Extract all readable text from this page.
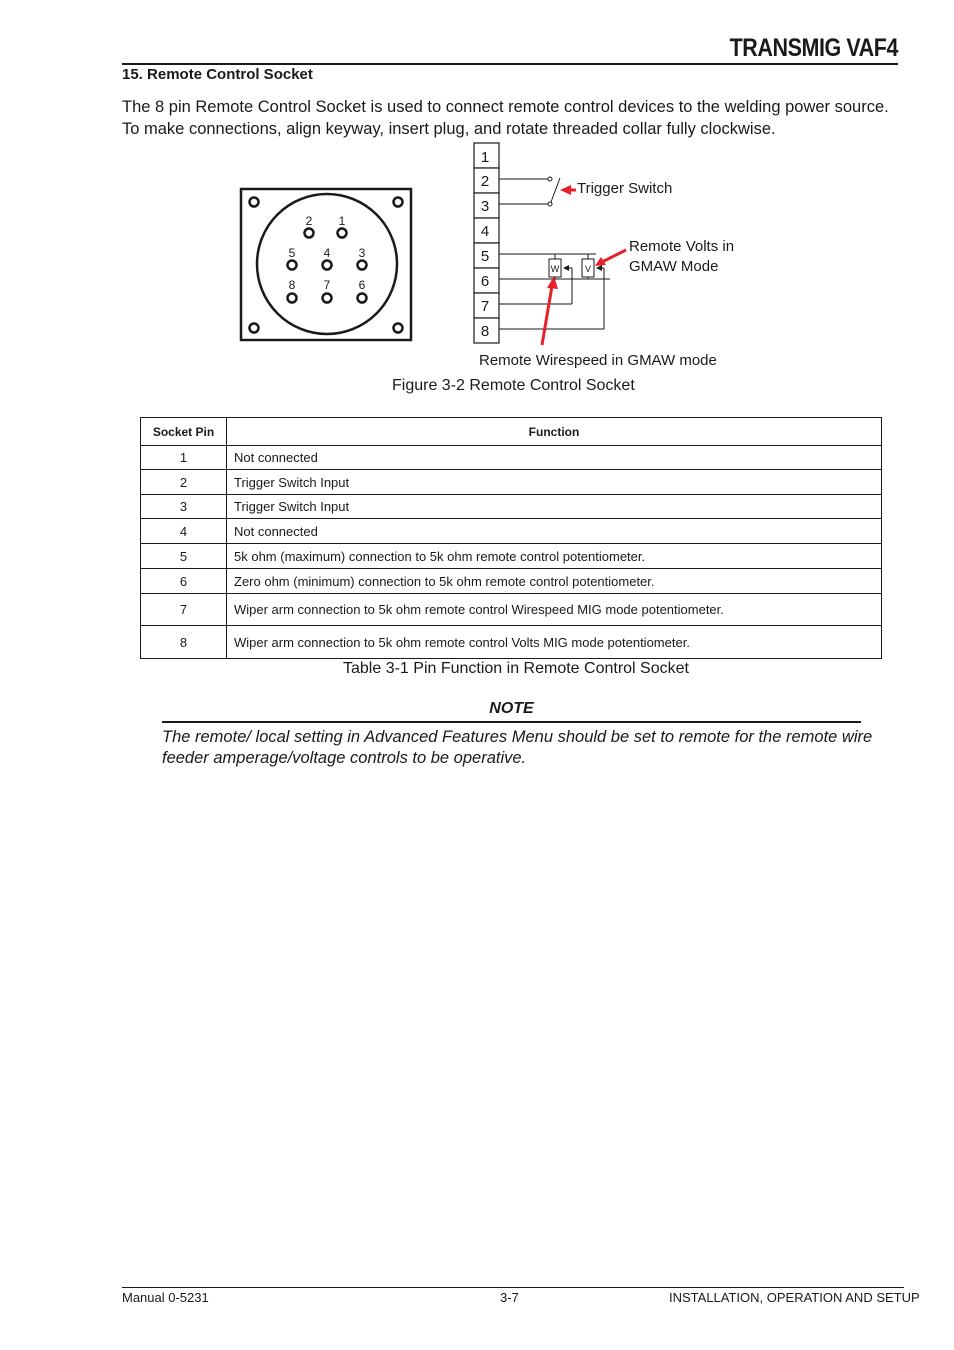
TRANSMIG VAF4
15. Remote Control Socket
The 8 pin Remote Control Socket is used to connect remote control devices to the welding power source. To make connections, align keyway, insert plug, and rotate threaded collar fully clockwise.
2 1
5 4 3
8 7 6
1
2
3
4
5
6
7
8
W	V
Trigger Switch
Remote Volts in
GMAW Mode
Remote Wirespeed in GMAW mode
Figure 3-2 Remote Control Socket
Socket Pin	Function
1	Not connected
2	Trigger Switch Input
3	Trigger Switch Input
4	Not connected
5	5k ohm (maximum) connection to 5k ohm remote control potentiometer.
6	Zero ohm (minimum) connection to 5k ohm remote control potentiometer.
7	Wiper arm connection to 5k ohm remote control Wirespeed MIG mode potentiometer.
8	Wiper arm connection to 5k ohm remote control Volts MIG mode potentiometer.
Table 3-1 Pin Function in Remote Control Socket
NOTE
The remote/ local setting in Advanced Features Menu should be set to remote for the remote wire feeder amperage/voltage controls to be operative.
Manual 0-5231	3-7	INSTALLATION, OPERATION AND SETUP
